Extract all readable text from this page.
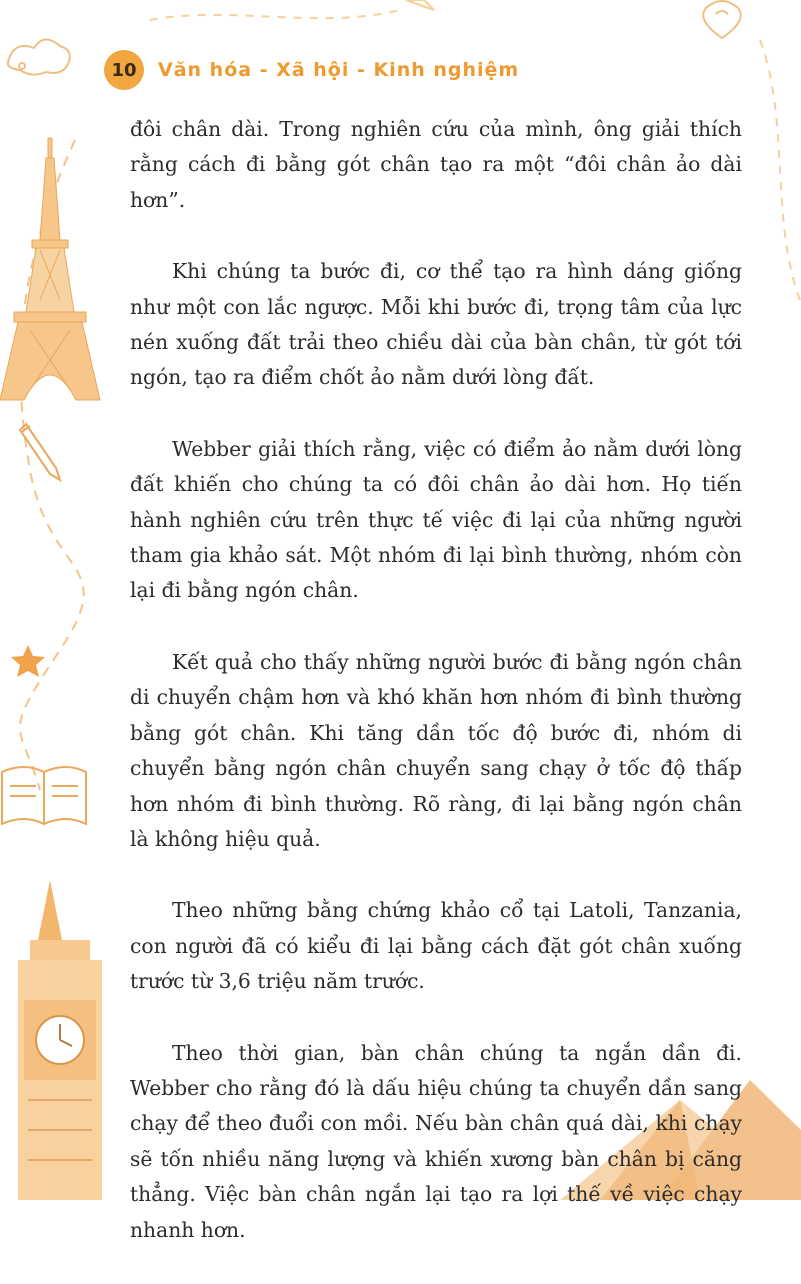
10	Văn hóa - Xã hội - Kinh nghiệm

đôi chân dài. Trong nghiên cứu của mình, ông giải thích rằng cách đi bằng gót chân tạo ra một “đôi chân ảo dài hơn”.

Khi chúng ta bước đi, cơ thể tạo ra hình dáng giống như một con lắc ngược. Mỗi khi bước đi, trọng tâm của lực nén xuống đất trải theo chiều dài của bàn chân, từ gót tới ngón, tạo ra điểm chốt ảo nằm dưới lòng đất.

Webber giải thích rằng, việc có điểm ảo nằm dưới lòng đất khiến cho chúng ta có đôi chân ảo dài hơn. Họ tiến hành nghiên cứu trên thực tế việc đi lại của những người tham gia khảo sát. Một nhóm đi lại bình thường, nhóm còn lại đi bằng ngón chân.

Kết quả cho thấy những người bước đi bằng ngón chân di chuyển chậm hơn và khó khăn hơn nhóm đi bình thường bằng gót chân. Khi tăng dần tốc độ bước đi, nhóm di chuyển bằng ngón chân chuyển sang chạy ở tốc độ thấp hơn nhóm đi bình thường. Rõ ràng, đi lại bằng ngón chân là không hiệu quả.

Theo những bằng chứng khảo cổ tại Latoli, Tanzania, con người đã có kiểu đi lại bằng cách đặt gót chân xuống trước từ 3,6 triệu năm trước.

Theo thời gian, bàn chân chúng ta ngắn dần đi. Webber cho rằng đó là dấu hiệu chúng ta chuyển dần sang chạy để theo đuổi con mồi. Nếu bàn chân quá dài, khi chạy sẽ tốn nhiều năng lượng và khiến xương bàn chân bị căng thẳng. Việc bàn chân ngắn lại tạo ra lợi thế về việc chạy nhanh hơn.
